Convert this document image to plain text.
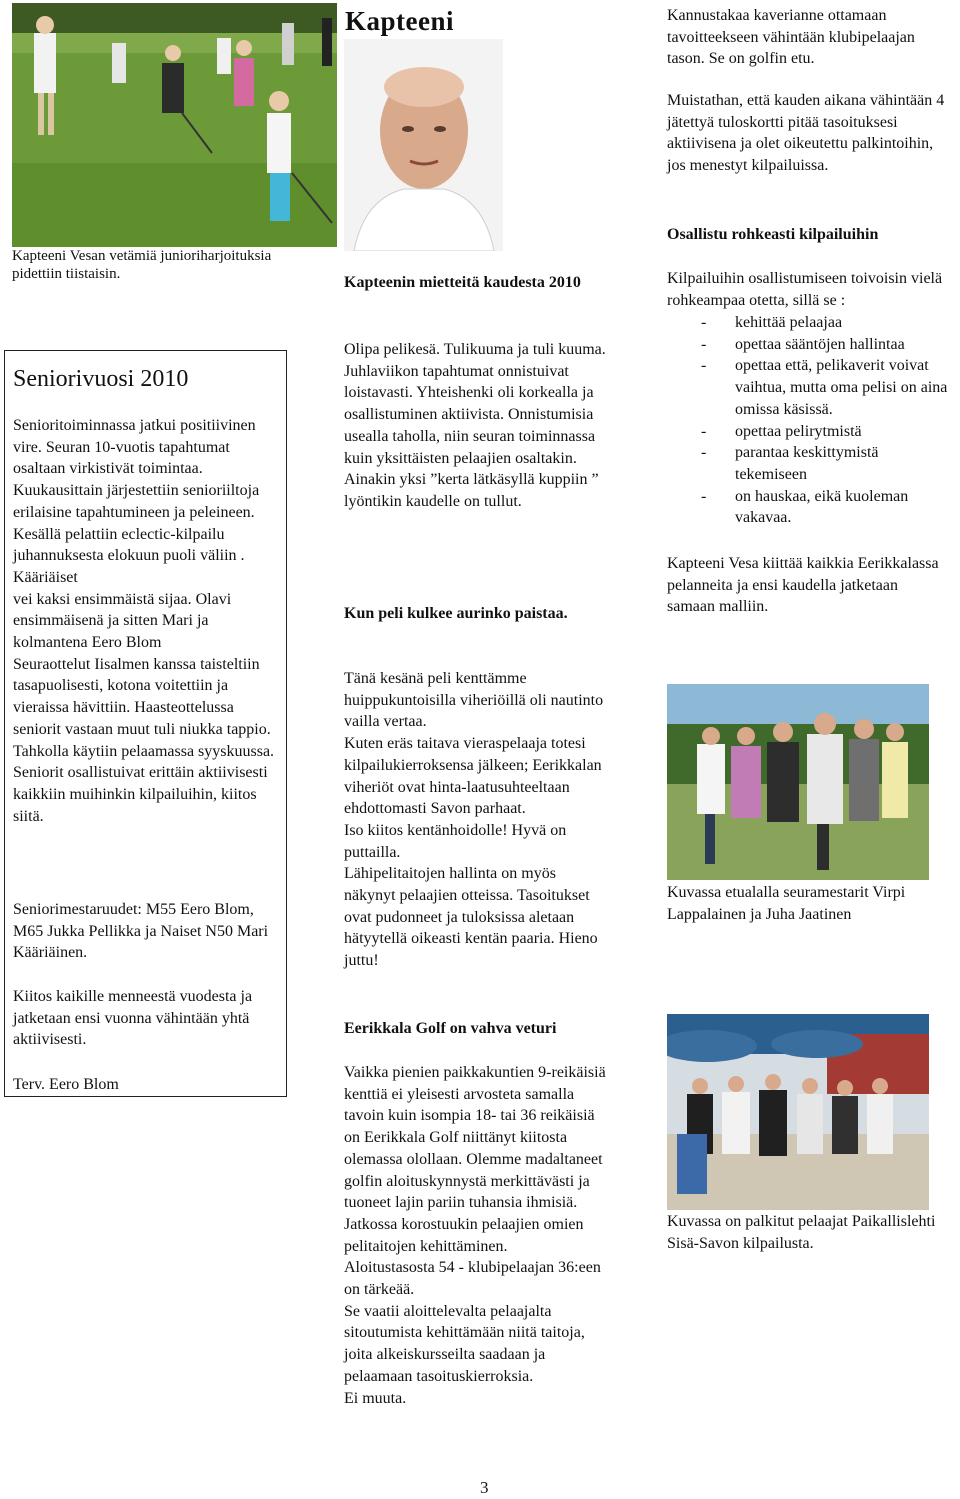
Kapteeni Vesan vetämiä junioriharjoituksia pidettiin tiistaisin.

Seniorivuosi 2010

Senioritoiminnassa jatkui positiivinen vire. Seuran 10-vuotis tapahtumat osaltaan virkistivät toimintaa.
Kuukausittain järjestettiin senioriiltoja erilaisine tapahtumineen ja peleineen. Kesällä pelattiin eclectic-kilpailu juhannuksesta elokuun puoli väliin . Kääriäiset
vei kaksi ensimmäistä sijaa. Olavi ensimmäisenä ja sitten Mari ja kolmantena Eero Blom
Seuraottelut Iisalmen kanssa taisteltiin tasapuolisesti, kotona voitettiin ja vieraissa hävittiin. Haasteottelussa seniorit vastaan muut tuli niukka tappio. Tahkolla käytiin pelaamassa syyskuussa. Seniorit osallistuivat erittäin aktiivisesti kaikkiin muihinkin kilpailuihin, kiitos siitä.

Seniorimestaruudet: M55 Eero Blom, M65 Jukka Pellikka ja Naiset N50 Mari Kääriäinen.

Kiitos kaikille menneestä vuodesta ja jatketaan ensi vuonna vähintään yhtä aktiivisesti.

Terv. Eero Blom

Kapteeni
Kapteenin mietteitä kaudesta 2010

Olipa pelikesä. Tulikuuma ja tuli kuuma.
Juhlaviikon tapahtumat onnistuivat loistavasti. Yhteishenki oli korkealla ja osallistuminen aktiivista. Onnistumisia usealla taholla, niin seuran toiminnassa kuin yksittäisten pelaajien osaltakin.
Ainakin yksi ”kerta lätkäsyllä kuppiin ” lyöntikin kaudelle on tullut.

Kun peli kulkee aurinko paistaa.

Tänä kesänä peli kenttämme huippukuntoisilla viheriöillä oli nautinto vailla vertaa.
Kuten eräs taitava vieraspelaaja totesi kilpailukierroksensa jälkeen; Eerikkalan viheriöt ovat hinta-laatusuhteeltaan ehdottomasti Savon parhaat.
Iso kiitos kentänhoidolle! Hyvä on puttailla.
Lähipelitaitojen hallinta on myös näkynyt pelaajien otteissa. Tasoitukset ovat pudonneet ja tuloksissa aletaan hätyytellä oikeasti kentän paaria. Hieno juttu!

Eerikkala Golf on vahva veturi

Vaikka pienien paikkakuntien 9-reikäisiä kenttiä ei yleisesti arvosteta samalla tavoin kuin isompia 18- tai 36 reikäisiä on Eerikkala Golf niittänyt kiitosta olemassa olollaan. Olemme madaltaneet golfin aloituskynnystä merkittävästi ja tuoneet lajin pariin tuhansia ihmisiä.
Jatkossa korostuukin pelaajien omien pelitaitojen kehittäminen.
Aloitustasosta 54 - klubipelaajan 36:een on tärkeää.
Se vaatii aloittelevalta pelaajalta sitoutumista kehittämään niitä taitoja, joita alkeiskursseilta saadaan ja pelaamaan tasoituskierroksia.
Ei muuta.

3

Kannustakaa kaverianne ottamaan tavoitteekseen vähintään klubipelaajan tason. Se on golfin etu.

Muistathan, että kauden aikana vähintään 4 jätettyä tuloskortti pitää tasoituksesi aktiivisena ja olet oikeutettu palkintoihin, jos menestyt kilpailuissa.

Osallistu rohkeasti kilpailuihin

Kilpailuihin osallistumiseen toivoisin vielä rohkeampaa otetta, sillä se :

- kehittää pelaajaa
- opettaa sääntöjen hallintaa
- opettaa että, pelikaverit voivat vaihtua, mutta oma pelisi on aina omissa käsissä.
- opettaa pelirytmistä
- parantaa keskittymistä tekemiseen
- on hauskaa, eikä kuoleman vakavaa.

Kapteeni Vesa kiittää kaikkia Eerikkalassa pelanneita ja ensi kaudella jatketaan samaan malliin.

Kuvassa etualalla seuramestarit Virpi Lappalainen ja Juha Jaatinen

Kuvassa on palkitut pelaajat Paikallislehti Sisä-Savon kilpailusta.
